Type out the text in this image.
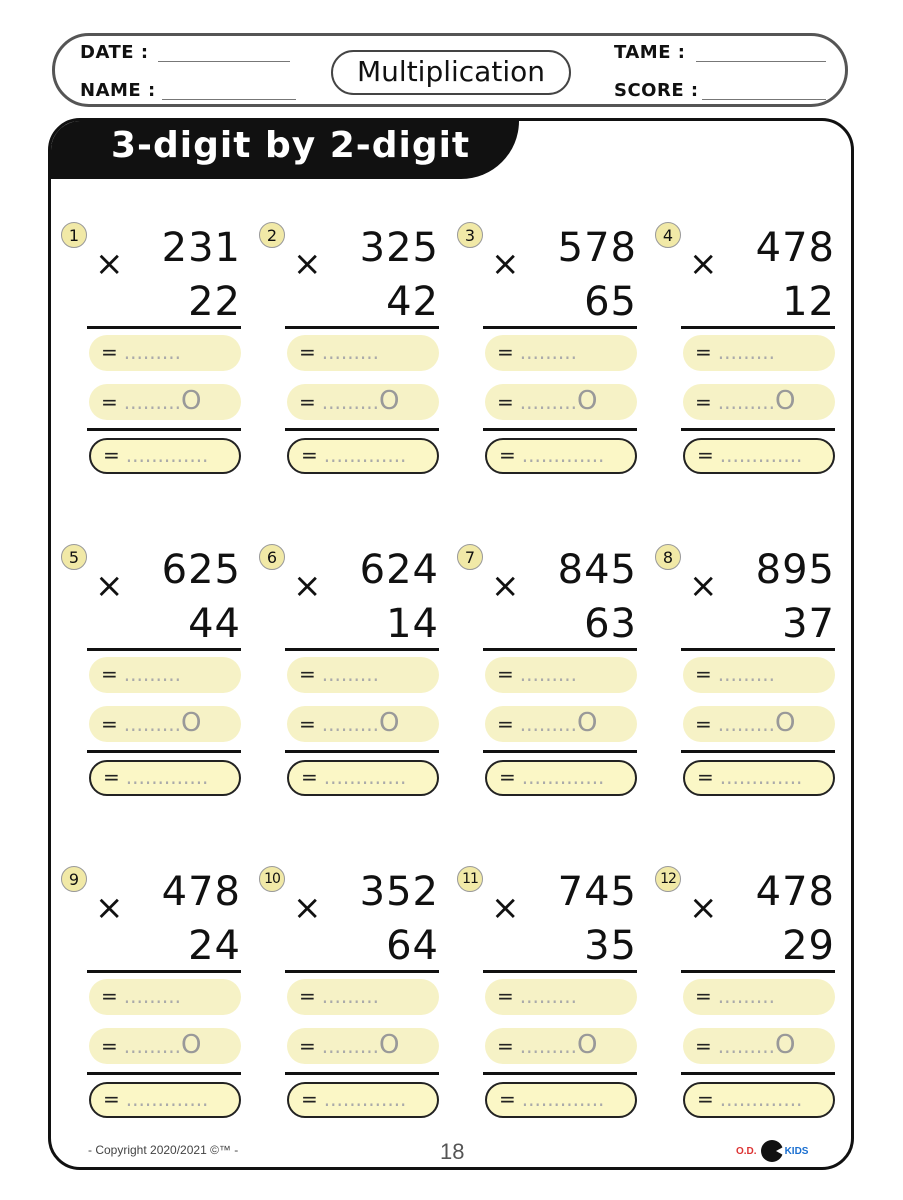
DATE :
NAME :
Multiplication
TAME :
SCORE :
3-digit by 2-digit
1 231
×
22
= .........
= .........O
= .............
2 325
×
42
= .........
= .........O
= .............
3 578
×
65
= .........
= .........O
= .............
4 478
×
12
= .........
= .........O
= .............
5 625
×
44
= .........
= .........O
= .............
6 624
×
14
= .........
= .........O
= .............
7 845
×
63
= .........
= .........O
= .............
8 895
×
37
= .........
= .........O
= .............
9 478
×
24
= .........
= .........O
= .............
10 352
×
64
= .........
= .........O
= .............
11 745
×
35
= .........
= .........O
= .............
12 478
×
29
= .........
= .........O
= .............
- Copyright 2020/2021 ©™ -	18	O.D.	KIDS
